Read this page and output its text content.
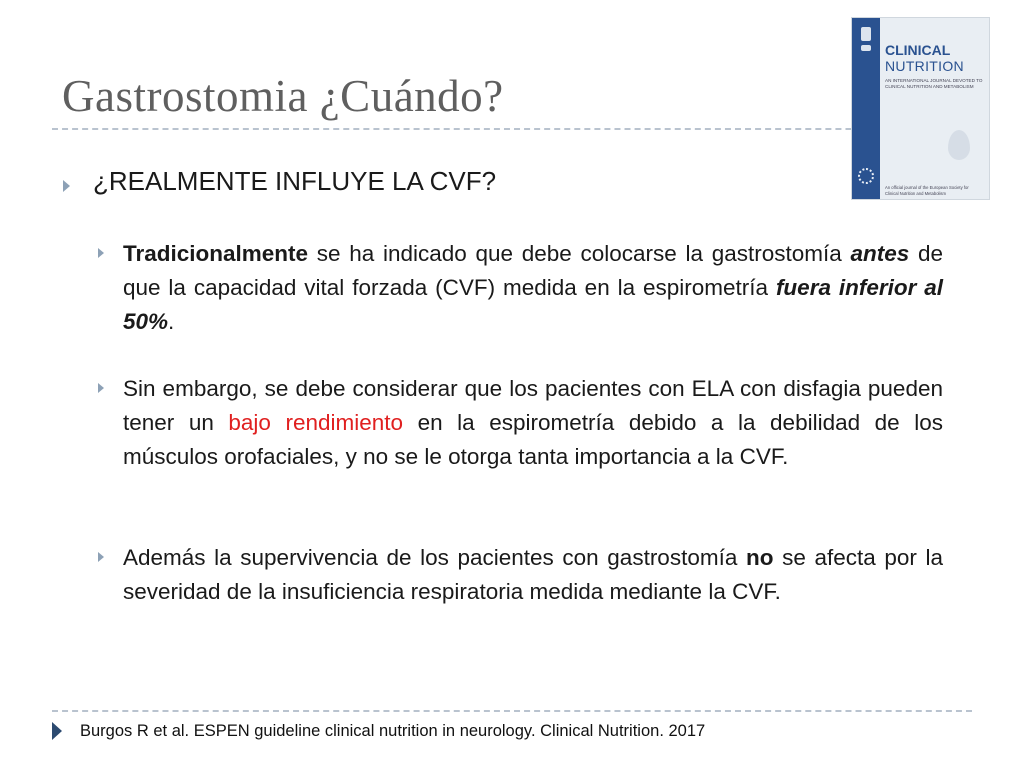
Gastrostomia ¿Cuándo?
CLINICAL
NUTRITION
AN INTERNATIONAL JOURNAL DEVOTED TO CLINICAL NUTRITION AND METABOLISM
An official journal of the European Society for Clinical Nutrition and Metabolism
¿REALMENTE INFLUYE LA CVF?
Tradicionalmente se ha indicado que debe colocarse la gastrostomía antes de que la capacidad vital forzada (CVF) medida en la espirometría fuera inferior al 50%.
Sin embargo, se debe considerar que los pacientes con ELA con disfagia pueden tener un bajo rendimiento en la espirometría debido a la debilidad de los músculos orofaciales, y no se le otorga tanta importancia a la CVF.
Además la supervivencia de los pacientes con gastrostomía no se afecta por la severidad de la insuficiencia respiratoria medida mediante la CVF.
Burgos R et al. ESPEN guideline clinical nutrition in neurology. Clinical Nutrition. 2017
